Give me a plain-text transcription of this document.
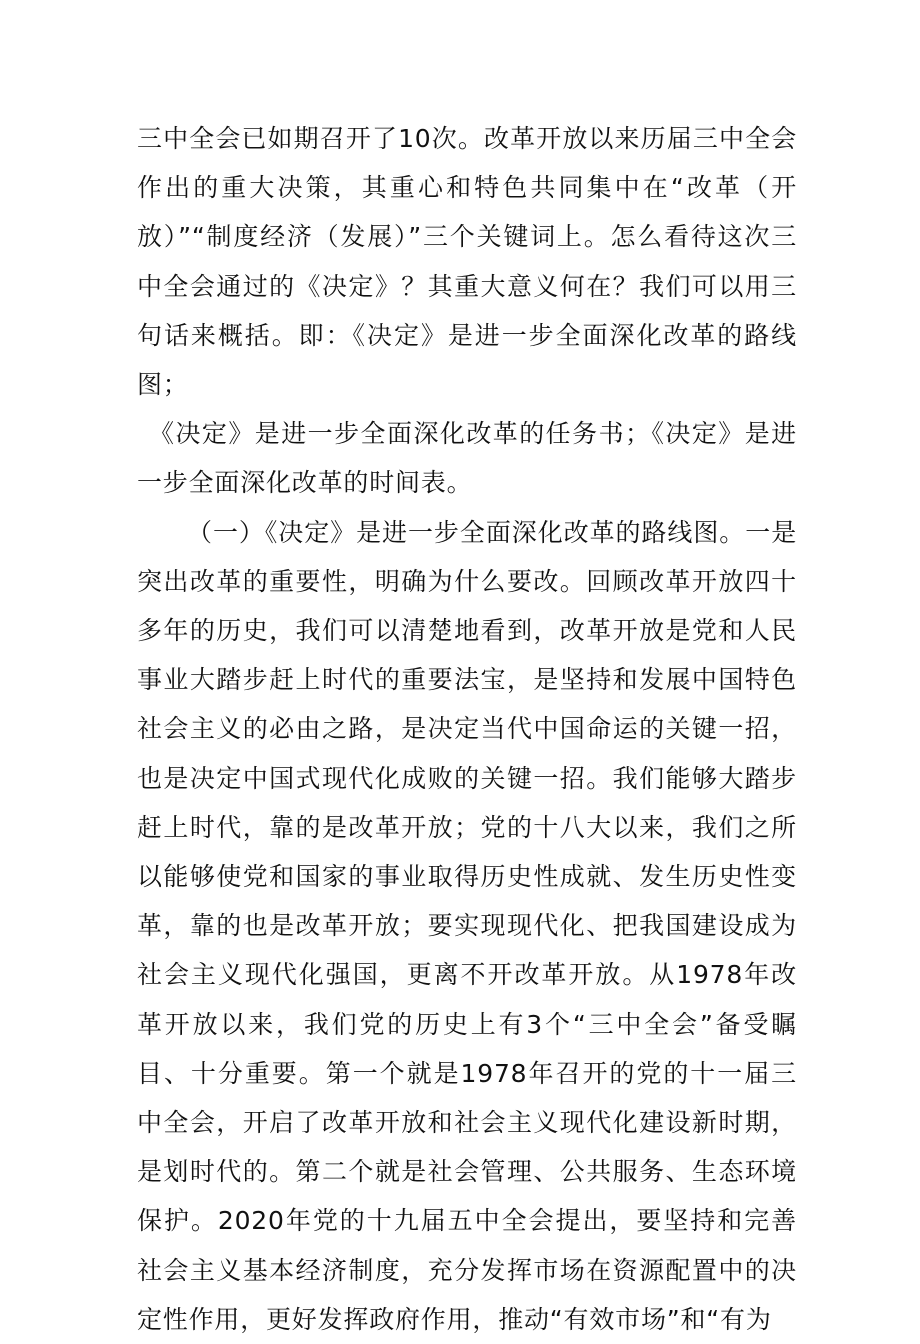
三中全会已如期召开了10次。改革开放以来历届三中全会作出的重大决策，其重心和特色共同集中在“改革（开放）”“制度经济（发展）”三个关键词上。怎么看待这次三中全会通过的《决定》？其重大意义何在？我们可以用三句话来概括。即：《决定》是进一步全面深化改革的路线图；

《决定》是进一步全面深化改革的任务书；《决定》是进一步全面深化改革的时间表。

（一）《决定》是进一步全面深化改革的路线图。一是突出改革的重要性，明确为什么要改。回顾改革开放四十多年的历史，我们可以清楚地看到，改革开放是党和人民事业大踏步赶上时代的重要法宝，是坚持和发展中国特色社会主义的必由之路，是决定当代中国命运的关键一招，也是决定中国式现代化成败的关键一招。我们能够大踏步赶上时代，靠的是改革开放；党的十八大以来，我们之所以能够使党和国家的事业取得历史性成就、发生历史性变革，靠的也是改革开放；要实现现代化、把我国建设成为社会主义现代化强国，更离不开改革开放。从1978年改革开放以来，我们党的历史上有3个“三中全会”备受瞩目、十分重要。第一个就是1978年召开的党的十一届三中全会，开启了改革开放和社会主义现代化建设新时期，是划时代的。第二个就是社会管理、公共服务、生态环境保护。2020年党的十九届五中全会提出，要坚持和完善社会主义基本经济制度，充分发挥市场在资源配置中的决定性作用，更好发挥政府作用，推动“有效市场”和“有为
